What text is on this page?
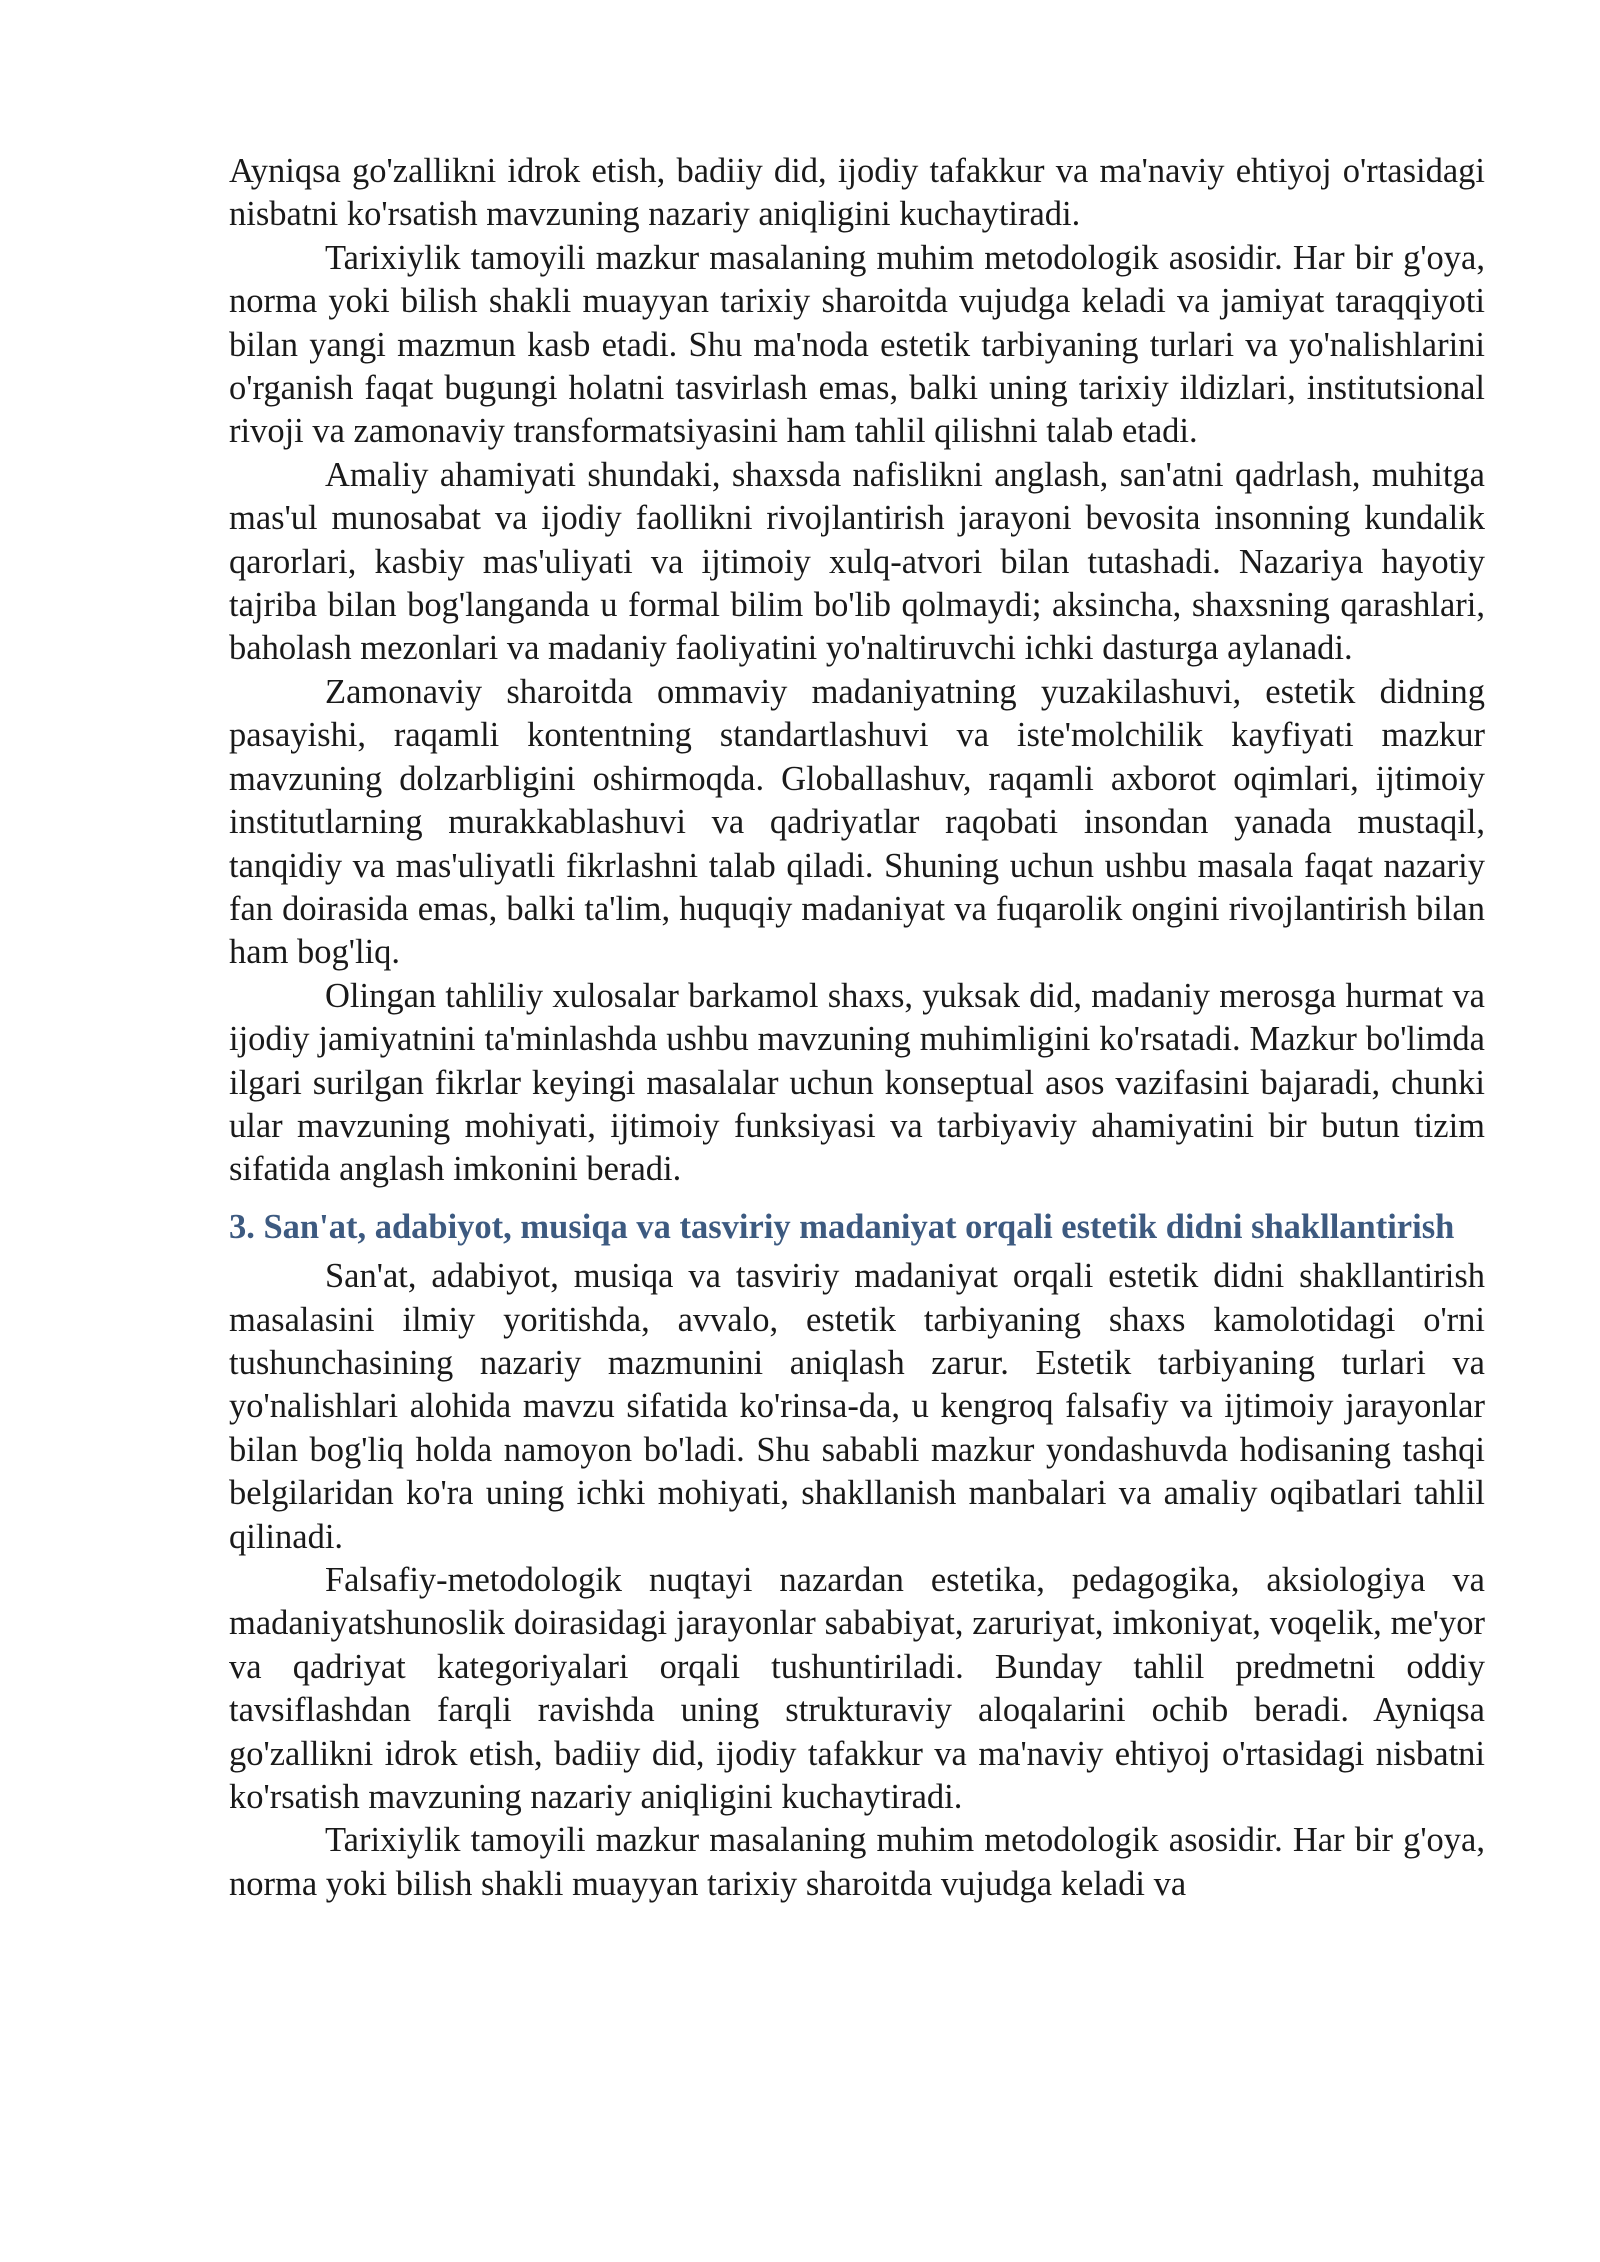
Ayniqsa go'zallikni idrok etish, badiiy did, ijodiy tafakkur va ma'naviy ehtiyoj o'rtasidagi nisbatni ko'rsatish mavzuning nazariy aniqligini kuchaytiradi.

Tarixiylik tamoyili mazkur masalaning muhim metodologik asosidir. Har bir g'oya, norma yoki bilish shakli muayyan tarixiy sharoitda vujudga keladi va jamiyat taraqqiyoti bilan yangi mazmun kasb etadi. Shu ma'noda estetik tarbiyaning turlari va yo'nalishlarini o'rganish faqat bugungi holatni tasvirlash emas, balki uning tarixiy ildizlari, institutsional rivoji va zamonaviy transformatsiyasini ham tahlil qilishni talab etadi.

Amaliy ahamiyati shundaki, shaxsda nafislikni anglash, san'atni qadrlash, muhitga mas'ul munosabat va ijodiy faollikni rivojlantirish jarayoni bevosita insonning kundalik qarorlari, kasbiy mas'uliyati va ijtimoiy xulq-atvori bilan tutashadi. Nazariya hayotiy tajriba bilan bog'langanda u formal bilim bo'lib qolmaydi; aksincha, shaxsning qarashlari, baholash mezonlari va madaniy faoliyatini yo'naltiruvchi ichki dasturga aylanadi.

Zamonaviy sharoitda ommaviy madaniyatning yuzakilashuvi, estetik didning pasayishi, raqamli kontentning standartlashuvi va iste'molchilik kayfiyati mazkur mavzuning dolzarbligini oshirmoqda. Globallashuv, raqamli axborot oqimlari, ijtimoiy institutlarning murakkablashuvi va qadriyatlar raqobati insondan yanada mustaqil, tanqidiy va mas'uliyatli fikrlashni talab qiladi. Shuning uchun ushbu masala faqat nazariy fan doirasida emas, balki ta'lim, huquqiy madaniyat va fuqarolik ongini rivojlantirish bilan ham bog'liq.

Olingan tahliliy xulosalar barkamol shaxs, yuksak did, madaniy merosga hurmat va ijodiy jamiyatnini ta'minlashda ushbu mavzuning muhimligini ko'rsatadi. Mazkur bo'limda ilgari surilgan fikrlar keyingi masalalar uchun konseptual asos vazifasini bajaradi, chunki ular mavzuning mohiyati, ijtimoiy funksiyasi va tarbiyaviy ahamiyatini bir butun tizim sifatida anglash imkonini beradi.

3. San'at, adabiyot, musiqa va tasviriy madaniyat orqali estetik didni shakllantirish

San'at, adabiyot, musiqa va tasviriy madaniyat orqali estetik didni shakllantirish masalasini ilmiy yoritishda, avvalo, estetik tarbiyaning shaxs kamolotidagi o'rni tushunchasining nazariy mazmunini aniqlash zarur. Estetik tarbiyaning turlari va yo'nalishlari alohida mavzu sifatida ko'rinsa-da, u kengroq falsafiy va ijtimoiy jarayonlar bilan bog'liq holda namoyon bo'ladi. Shu sababli mazkur yondashuvda hodisaning tashqi belgilaridan ko'ra uning ichki mohiyati, shakllanish manbalari va amaliy oqibatlari tahlil qilinadi.

Falsafiy-metodologik nuqtayi nazardan estetika, pedagogika, aksiologiya va madaniyatshunoslik doirasidagi jarayonlar sababiyat, zaruriyat, imkoniyat, voqelik, me'yor va qadriyat kategoriyalari orqali tushuntiriladi. Bunday tahlil predmetni oddiy tavsiflashdan farqli ravishda uning strukturaviy aloqalarini ochib beradi. Ayniqsa go'zallikni idrok etish, badiiy did, ijodiy tafakkur va ma'naviy ehtiyoj o'rtasidagi nisbatni ko'rsatish mavzuning nazariy aniqligini kuchaytiradi.

Tarixiylik tamoyili mazkur masalaning muhim metodologik asosidir. Har bir g'oya, norma yoki bilish shakli muayyan tarixiy sharoitda vujudga keladi va
